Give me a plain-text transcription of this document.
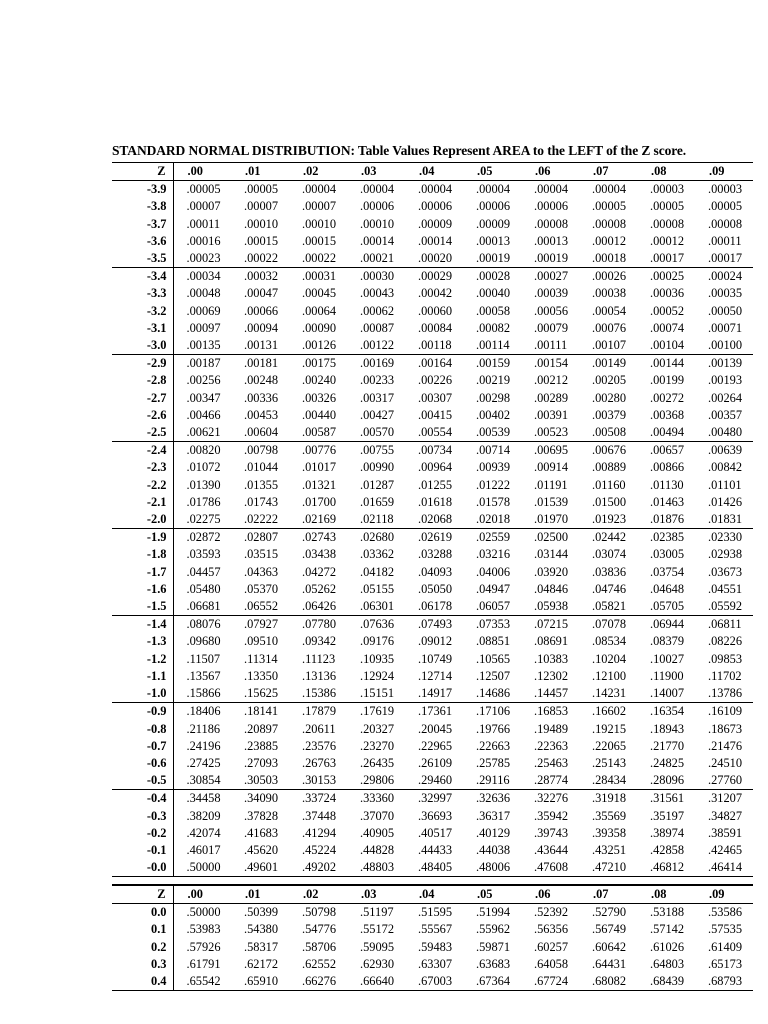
STANDARD NORMAL DISTRIBUTION: Table Values Represent AREA to the LEFT of the Z score.
Z	.00	.01	.02	.03	.04	.05	.06	.07	.08	.09
-3.9	.00005	.00005	.00004	.00004	.00004	.00004	.00004	.00004	.00003	.00003
-3.8	.00007	.00007	.00007	.00006	.00006	.00006	.00006	.00005	.00005	.00005
-3.7	.00011	.00010	.00010	.00010	.00009	.00009	.00008	.00008	.00008	.00008
-3.6	.00016	.00015	.00015	.00014	.00014	.00013	.00013	.00012	.00012	.00011
-3.5	.00023	.00022	.00022	.00021	.00020	.00019	.00019	.00018	.00017	.00017
-3.4	.00034	.00032	.00031	.00030	.00029	.00028	.00027	.00026	.00025	.00024
-3.3	.00048	.00047	.00045	.00043	.00042	.00040	.00039	.00038	.00036	.00035
-3.2	.00069	.00066	.00064	.00062	.00060	.00058	.00056	.00054	.00052	.00050
-3.1	.00097	.00094	.00090	.00087	.00084	.00082	.00079	.00076	.00074	.00071
-3.0	.00135	.00131	.00126	.00122	.00118	.00114	.00111	.00107	.00104	.00100
-2.9	.00187	.00181	.00175	.00169	.00164	.00159	.00154	.00149	.00144	.00139
-2.8	.00256	.00248	.00240	.00233	.00226	.00219	.00212	.00205	.00199	.00193
-2.7	.00347	.00336	.00326	.00317	.00307	.00298	.00289	.00280	.00272	.00264
-2.6	.00466	.00453	.00440	.00427	.00415	.00402	.00391	.00379	.00368	.00357
-2.5	.00621	.00604	.00587	.00570	.00554	.00539	.00523	.00508	.00494	.00480
-2.4	.00820	.00798	.00776	.00755	.00734	.00714	.00695	.00676	.00657	.00639
-2.3	.01072	.01044	.01017	.00990	.00964	.00939	.00914	.00889	.00866	.00842
-2.2	.01390	.01355	.01321	.01287	.01255	.01222	.01191	.01160	.01130	.01101
-2.1	.01786	.01743	.01700	.01659	.01618	.01578	.01539	.01500	.01463	.01426
-2.0	.02275	.02222	.02169	.02118	.02068	.02018	.01970	.01923	.01876	.01831
-1.9	.02872	.02807	.02743	.02680	.02619	.02559	.02500	.02442	.02385	.02330
-1.8	.03593	.03515	.03438	.03362	.03288	.03216	.03144	.03074	.03005	.02938
-1.7	.04457	.04363	.04272	.04182	.04093	.04006	.03920	.03836	.03754	.03673
-1.6	.05480	.05370	.05262	.05155	.05050	.04947	.04846	.04746	.04648	.04551
-1.5	.06681	.06552	.06426	.06301	.06178	.06057	.05938	.05821	.05705	.05592
-1.4	.08076	.07927	.07780	.07636	.07493	.07353	.07215	.07078	.06944	.06811
-1.3	.09680	.09510	.09342	.09176	.09012	.08851	.08691	.08534	.08379	.08226
-1.2	.11507	.11314	.11123	.10935	.10749	.10565	.10383	.10204	.10027	.09853
-1.1	.13567	.13350	.13136	.12924	.12714	.12507	.12302	.12100	.11900	.11702
-1.0	.15866	.15625	.15386	.15151	.14917	.14686	.14457	.14231	.14007	.13786
-0.9	.18406	.18141	.17879	.17619	.17361	.17106	.16853	.16602	.16354	.16109
-0.8	.21186	.20897	.20611	.20327	.20045	.19766	.19489	.19215	.18943	.18673
-0.7	.24196	.23885	.23576	.23270	.22965	.22663	.22363	.22065	.21770	.21476
-0.6	.27425	.27093	.26763	.26435	.26109	.25785	.25463	.25143	.24825	.24510
-0.5	.30854	.30503	.30153	.29806	.29460	.29116	.28774	.28434	.28096	.27760
-0.4	.34458	.34090	.33724	.33360	.32997	.32636	.32276	.31918	.31561	.31207
-0.3	.38209	.37828	.37448	.37070	.36693	.36317	.35942	.35569	.35197	.34827
-0.2	.42074	.41683	.41294	.40905	.40517	.40129	.39743	.39358	.38974	.38591
-0.1	.46017	.45620	.45224	.44828	.44433	.44038	.43644	.43251	.42858	.42465
-0.0	.50000	.49601	.49202	.48803	.48405	.48006	.47608	.47210	.46812	.46414
Z	.00	.01	.02	.03	.04	.05	.06	.07	.08	.09
0.0	.50000	.50399	.50798	.51197	.51595	.51994	.52392	.52790	.53188	.53586
0.1	.53983	.54380	.54776	.55172	.55567	.55962	.56356	.56749	.57142	.57535
0.2	.57926	.58317	.58706	.59095	.59483	.59871	.60257	.60642	.61026	.61409
0.3	.61791	.62172	.62552	.62930	.63307	.63683	.64058	.64431	.64803	.65173
0.4	.65542	.65910	.66276	.66640	.67003	.67364	.67724	.68082	.68439	.68793
